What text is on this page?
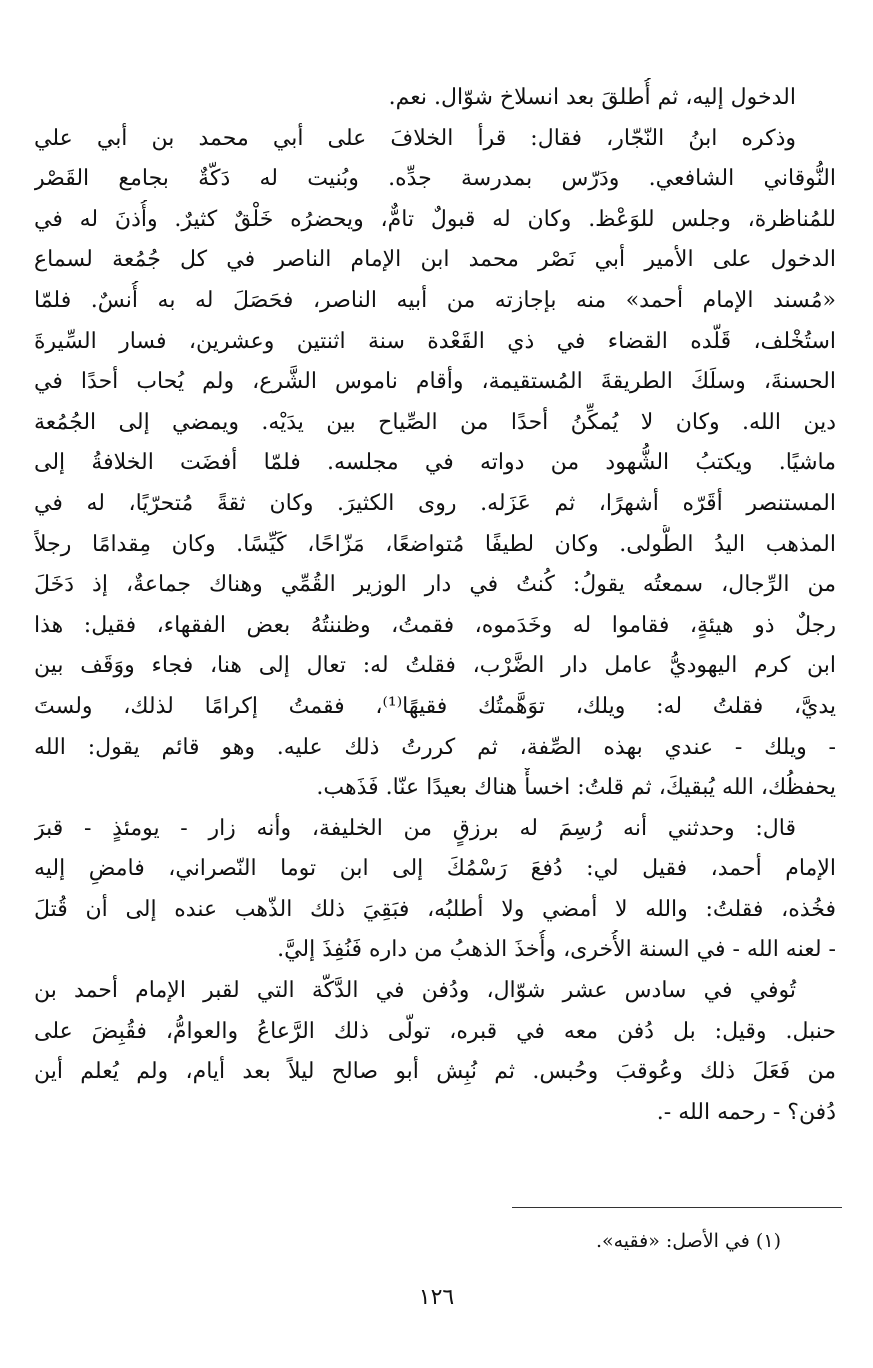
الدخول إليه، ثم أُطلقَ بعد انسلاخ شوّال. نعم.
وذكره ابنُ النّجّار، فقال: قرأ الخلافَ على أبي محمد بن أبي علي
النُّوقاني الشافعي. ودَرّس بمدرسة جدِّه. وبُنيت له دَكّةٌ بجامع القَصْر
للمُناظرة، وجلس للوَعْظ. وكان له قبولٌ تامٌّ، ويحضرُه خَلْقٌ كثيرٌ. وأُذنَ له في
الدخول على الأمير أبي نَصْر محمد ابن الإمام الناصر في كل جُمُعة لسماع
«مُسند الإمام أحمد» منه بإجازته من أبيه الناصر، فحَصَلَ له به أُنسٌ. فلمّا
استُخْلف، قَلّده القضاء في ذي القَعْدة سنة اثنتين وعشرين، فسار السِّيرةَ
الحسنةَ، وسلَكَ الطريقةَ المُستقيمة، وأقام ناموس الشَّرع، ولم يُحاب أحدًا في
دين الله. وكان لا يُمكِّنُ أحدًا من الصِّياح بين يدَيْه. ويمضي إلى الجُمُعة
ماشيًا. ويكتبُ الشُّهود من دواته في مجلسه. فلمّا أفضَت الخلافةُ إلى
المستنصر أقَرّه أشهرًا، ثم عَزَله. روى الكثيرَ. وكان ثقةً مُتحرّيًا، له في
المذهب اليدُ الطُّولى. وكان لطيفًا مُتواضعًا، مَزّاحًا، كَيِّسًا. وكان مِقدامًا رجلاً
من الرِّجال، سمعتُه يقولُ: كُنتُ في دار الوزير القُمِّي وهناك جماعةٌ، إذ دَخَلَ
رجلٌ ذو هيئةٍ، فقاموا له وخَدَموه، فقمتُ، وظننتُهُ بعض الفقهاء، فقيل: هذا
ابن كرم اليهوديُّ عامل دار الضَّرْب، فقلتُ له: تعال إلى هنا، فجاء ووَقَف بين
يديَّ، فقلتُ له: ويلك، توَهَّمتُك فقيهًا⁽¹⁾، فقمتُ إكرامًا لذلك، ولستَ
- ويلك - عندي بهذه الصِّفة، ثم كررتُ ذلك عليه. وهو قائم يقول: الله
يحفظُك، الله يُبقيكَ، ثم قلتُ: اخسأْ هناك بعيدًا عنّا. فَذَهب.
قال: وحدثني أنه رُسِمَ له برزقٍ من الخليفة، وأنه زار - يومئذٍ - قبرَ
الإمام أحمد، فقيل لي: دُفعَ رَسْمُكَ إلى ابن توما النّصراني، فامضِ إليه
فخُذه، فقلتُ: والله لا أمضي ولا أطلبُه، فبَقِيَ ذلك الذّهب عنده إلى أن قُتلَ
- لعنه الله - في السنة الأُخرى، وأُخذَ الذهبُ من داره فَنُفِذَ إليَّ.
تُوفي في سادس عشر شوّال، ودُفن في الدَّكّة التي لقبر الإمام أحمد بن
حنبل. وقيل: بل دُفن معه في قبره، تولّى ذلك الرَّعاعُ والعوامُّ، فقُبِضَ على
من فَعَلَ ذلك وعُوقبَ وحُبس. ثم نُبِش أبو صالح ليلاً بعد أيام، ولم يُعلم أين
دُفن؟ - رحمه الله -.
(١) في الأصل: «فقيه».
١٢٦
